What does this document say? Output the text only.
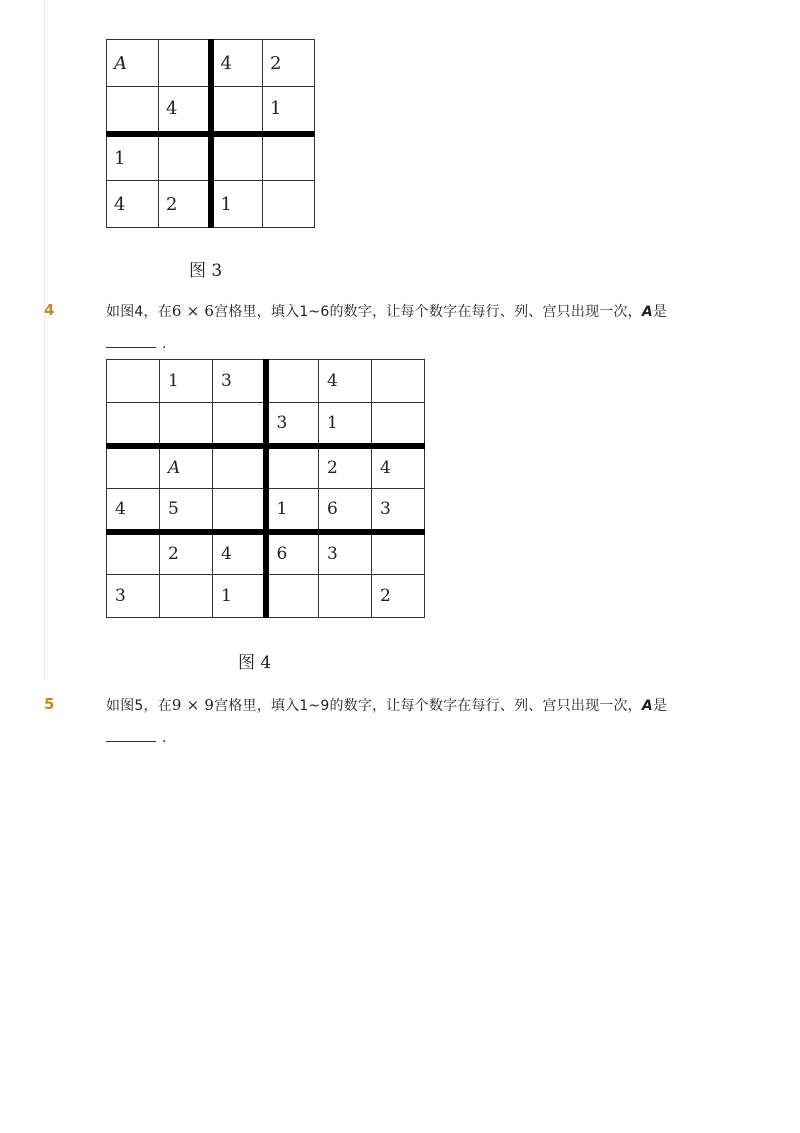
A		4	2
	4		1
1			
4	2	1	
图 3
4	如图4，在6 × 6宫格里，填入1~6的数字，让每个数字在每行、列、宫只出现一次，A是
.
	1	3		4	
			3	1	
	A			2	4
4	5		1	6	3
	2	4	6	3	
3		1			2
图 4
5	如图5，在9 × 9宫格里，填入1~9的数字，让每个数字在每行、列、宫只出现一次，A是
.
